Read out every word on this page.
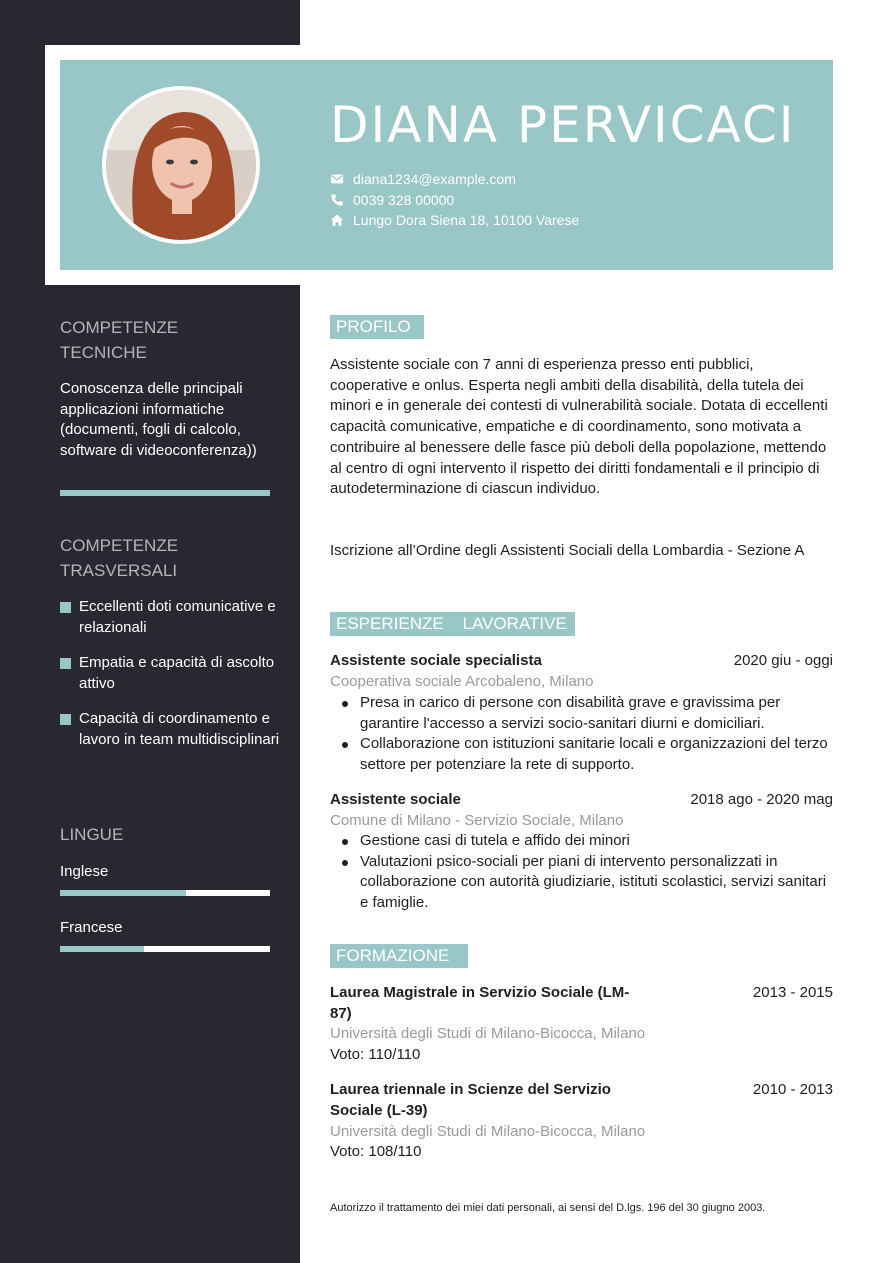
DIANA PERVICACI
diana1234@example.com
0039 328 00000
Lungo Dora Siena 18, 10100 Varese
COMPETENZE
TECNICHE
Conoscenza delle principali applicazioni informatiche (documenti, fogli di calcolo, software di videoconferenza))
COMPETENZE
TRASVERSALI
Eccellenti doti comunicative e relazionali
Empatia e capacità di ascolto attivo
Capacità di coordinamento e lavoro in team multidisciplinari
LINGUE
Inglese
Francese
PROFILO
Assistente sociale con 7 anni di esperienza presso enti pubblici, cooperative e onlus. Esperta negli ambiti della disabilità, della tutela dei minori e in generale dei contesti di vulnerabilità sociale. Dotata di eccellenti capacità comunicative, empatiche e di coordinamento, sono motivata a contribuire al benessere delle fasce più deboli della popolazione, mettendo al centro di ogni intervento il rispetto dei diritti fondamentali e il principio di autodeterminazione di ciascun individuo.
Iscrizione all’Ordine degli Assistenti Sociali della Lombardia - Sezione A
ESPERIENZE    LAVORATIVE
Assistente sociale specialista	2020 giu - oggi
Cooperativa sociale Arcobaleno, Milano
Presa in carico di persone con disabilità grave e gravissima per garantire l'accesso a servizi socio-sanitari diurni e domiciliari.
Collaborazione con istituzioni sanitarie locali e organizzazioni del terzo settore per potenziare la rete di supporto.
Assistente sociale	2018 ago - 2020 mag
Comune di Milano - Servizio Sociale, Milano
Gestione casi di tutela e affido dei minori
Valutazioni psico-sociali per piani di intervento personalizzati in collaborazione con autorità giudiziarie, istituti scolastici, servizi sanitari e famiglie.
FORMAZIONE
Laurea Magistrale in Servizio Sociale (LM-87)
2013 - 2015
Università degli Studi di Milano-Bicocca, Milano
Voto: 110/110
Laurea triennale in Scienze del Servizio Sociale (L-39)
2010 - 2013
Università degli Studi di Milano-Bicocca, Milano
Voto: 108/110
Autorizzo il trattamento dei miei dati personali, ai sensi del D.lgs. 196 del 30 giugno 2003.
